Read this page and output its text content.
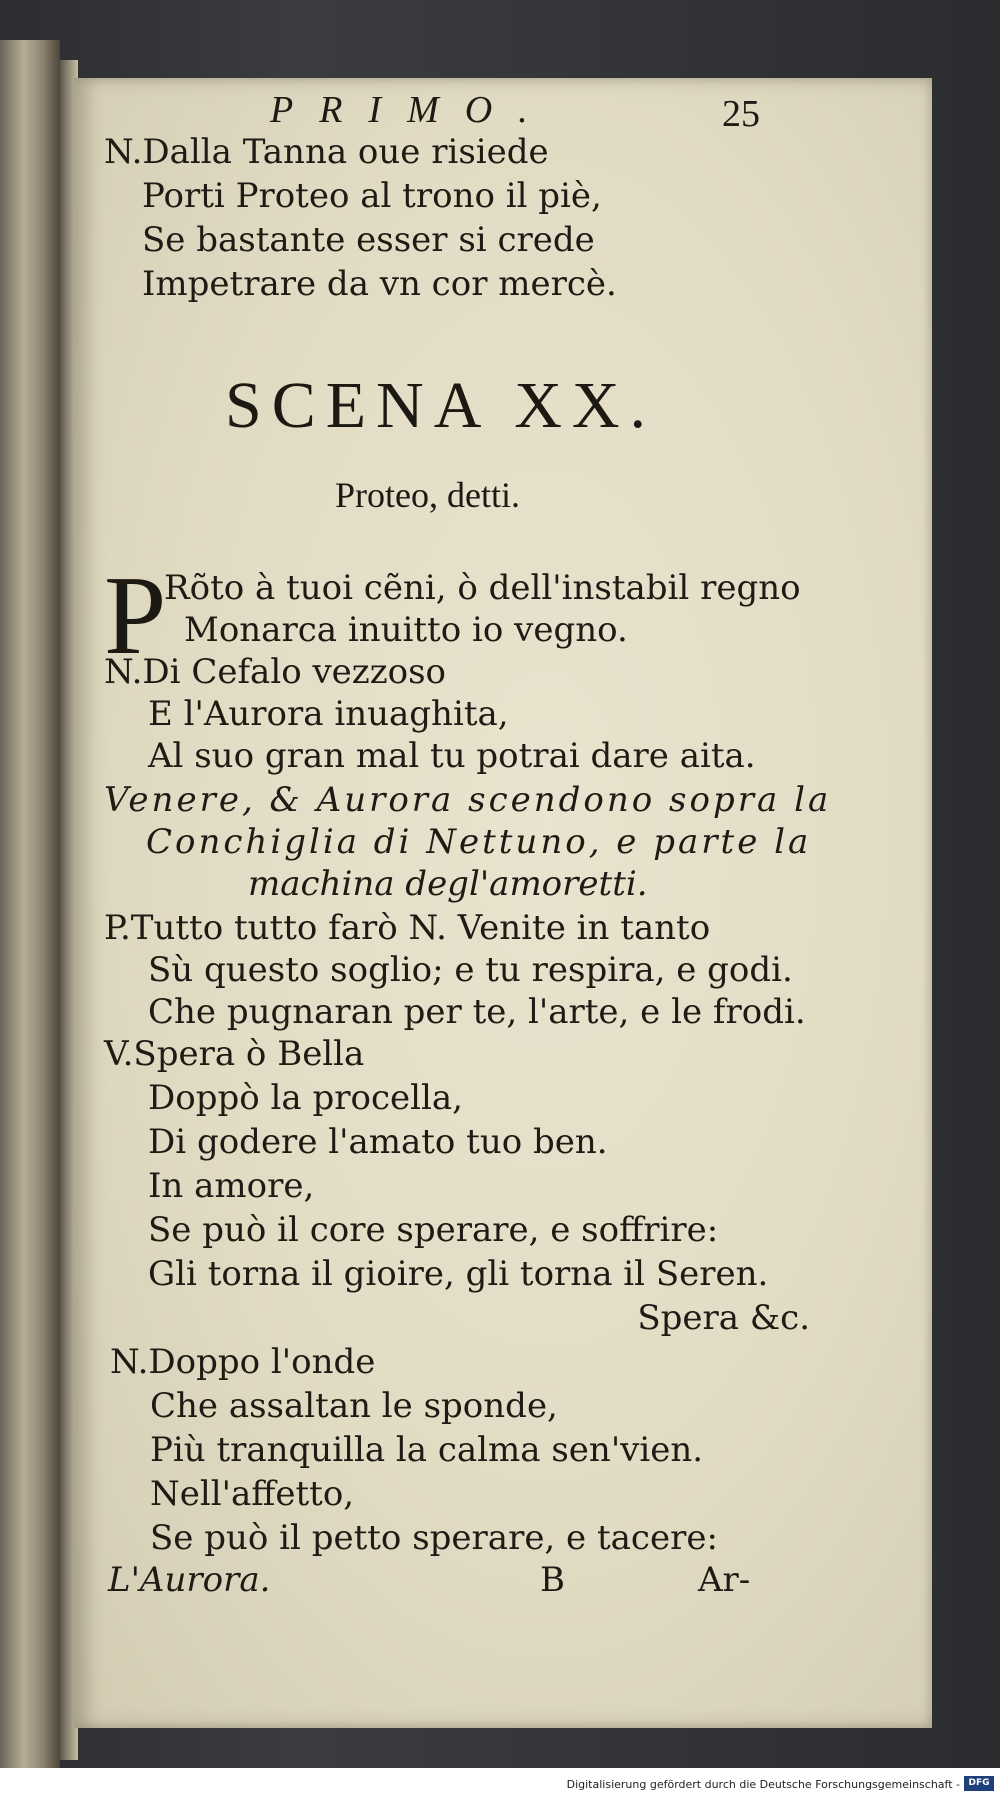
PRIMO.	25
N.Dalla Tanna oue risiede
Porti Proteo al trono il piè,
Se bastante esser si crede
Impetrare da vn cor mercè.
SCENA XX.
Proteo, detti.
P
Rõto à tuoi cẽni, ò dell'instabil regno
Monarca inuitto io vegno.
N.Di Cefalo vezzoso
E l'Aurora inuaghita,
Al suo gran mal tu potrai dare aita.
Venere, & Aurora scendono sopra la
Conchiglia di Nettuno, e parte la
machina degl'amoretti.
P.Tutto tutto farò N. Venite in tanto
Sù questo soglio; e tu respira, e godi.
Che pugnaran per te, l'arte, e le frodi.
V.Spera ò Bella
Doppò la procella,
Di godere l'amato tuo ben.
In amore,
Se può il core sperare, e soffrire:
Gli torna il gioire, gli torna il Seren.
Spera &c.
N.Doppo l'onde
Che assaltan le sponde,
Più tranquilla la calma sen'vien.
Nell'affetto,
Se può il petto sperare, e tacere:
L'Aurora.	B	Ar-
Digitalisierung gefördert durch die Deutsche Forschungsgemeinschaft - DFG
